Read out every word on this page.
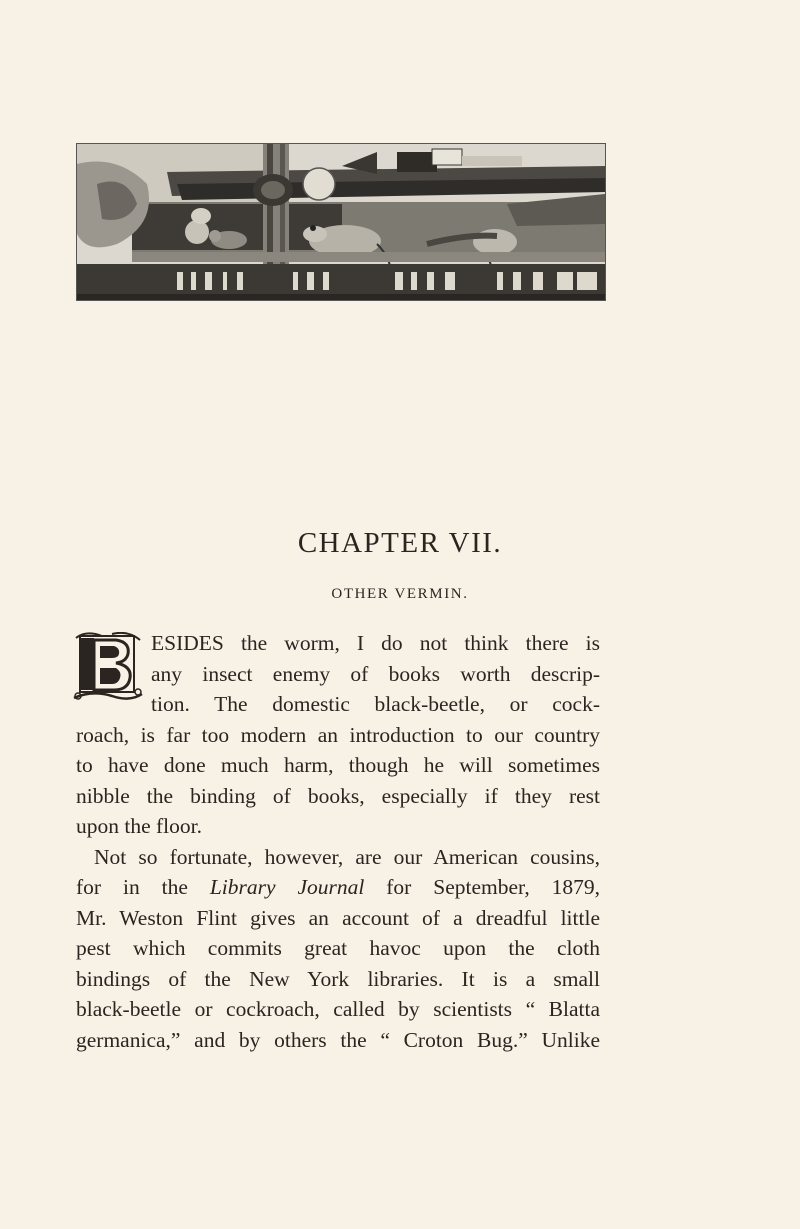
CHAPTER VII.
OTHER VERMIN.
ESIDES the worm, I do not think there is
any insect enemy of books worth descrip-
tion. The domestic black-beetle, or cock-
roach, is far too modern an introduction to our country
to have done much harm, though he will sometimes
nibble the binding of books, especially if they rest
upon the floor.
Not so fortunate, however, are our American cousins,
for in the Library Journal for September, 1879,
Mr. Weston Flint gives an account of a dreadful little
pest which commits great havoc upon the cloth
bindings of the New York libraries. It is a small
black-beetle or cockroach, called by scientists “ Blatta
germanica,” and by others the “ Croton Bug.” Unlike
